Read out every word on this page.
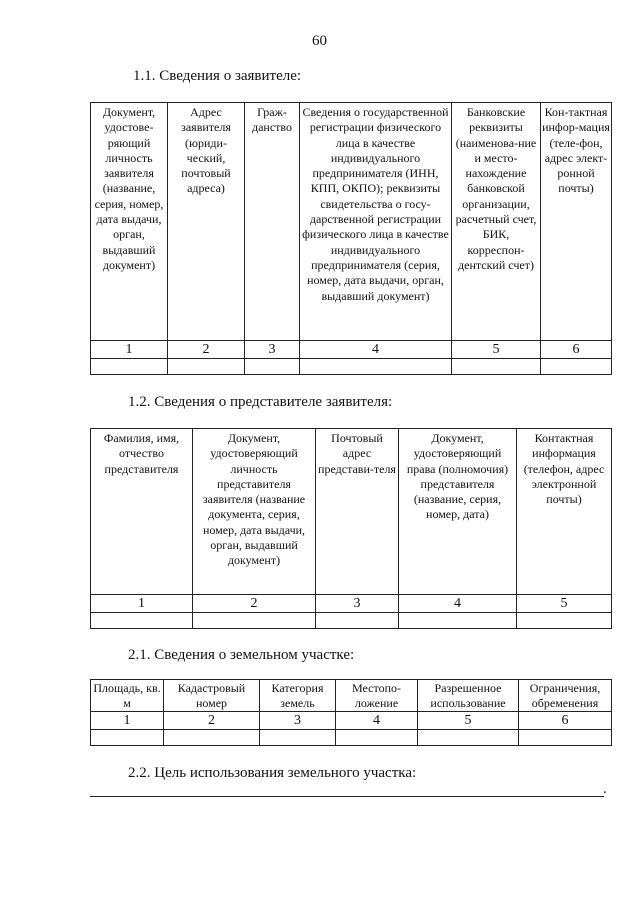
60
1.1. Сведения о заявителе:
Документ, удостове-ряющий личность заявителя (название, серия, номер, дата выдачи, орган, выдавший документ)	Адрес заявителя (юриди-ческий, почтовый адреса)	Граж-данство	Сведения о государственной регистрации физического лица в качестве индивидуального предпринимателя (ИНН, КПП, ОКПО); реквизиты свидетельства о госу-дарственной регистрации физического лица в качестве индивидуального предпринимателя (серия, номер, дата выдачи, орган, выдавший документ)	Банковские реквизиты (наименова-ние и место-нахождение банковской организации, расчетный счет, БИК, корреспон-дентский счет)	Кон-тактная инфор-мация (теле-фон, адрес элект-ронной почты)
1	2	3	4	5	6

1.2. Сведения о представителе заявителя:
Фамилия, имя, отчество представителя	Документ, удостоверяющий личность представителя заявителя (название документа, серия, номер, дата выдачи, орган, выдавший документ)	Почтовый адрес представи-теля	Документ, удостоверяющий права (полномочия) представителя (название, серия, номер, дата)	Контактная информация (телефон, адрес электронной почты)
1	2	3	4	5

2.1. Сведения о земельном участке:
Площадь, кв. м	Кадастровый номер	Категория земель	Местопо-ложение	Разрешенное использование	Ограничения, обременения
1	2	3	4	5	6

2.2. Цель использования земельного участка:
.
